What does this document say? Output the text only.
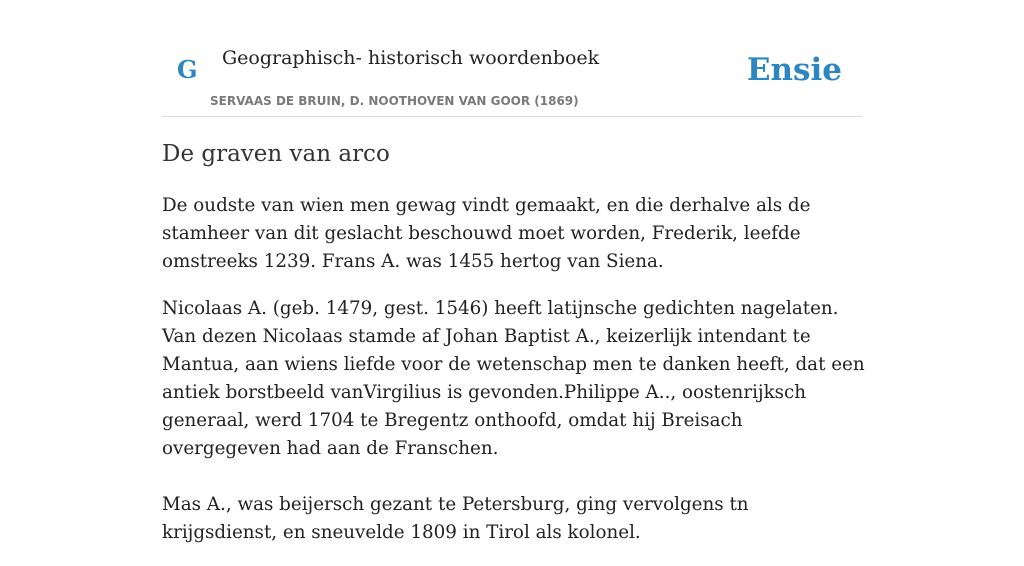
G Geographisch- historisch woordenboek
SERVAAS DE BRUIN, D. NOOTHOVEN VAN GOOR (1869)
Ensie
De graven van arco

De oudste van wien men gewag vindt gemaakt, en die derhalve als de stamheer van dit geslacht beschouwd moet worden, Frederik, leefde omstreeks 1239. Frans A. was 1455 hertog van Siena.

Nicolaas A. (geb. 1479, gest. 1546) heeft latijnsche gedichten nagelaten. Van dezen Nicolaas stamde af Johan Baptist A., keizerlijk intendant te Mantua, aan wiens liefde voor de wetenschap men te danken heeft, dat een antiek borstbeeld vanVirgilius is gevonden.Philippe A.., oostenrijksch generaal, werd 1704 te Bregentz onthoofd, omdat hij Breisach overgegeven had aan de Franschen.

Mas A., was beijersch gezant te Petersburg, ging vervolgens tn krijgsdienst, en sneuvelde 1809 in Tirol als kolonel.
